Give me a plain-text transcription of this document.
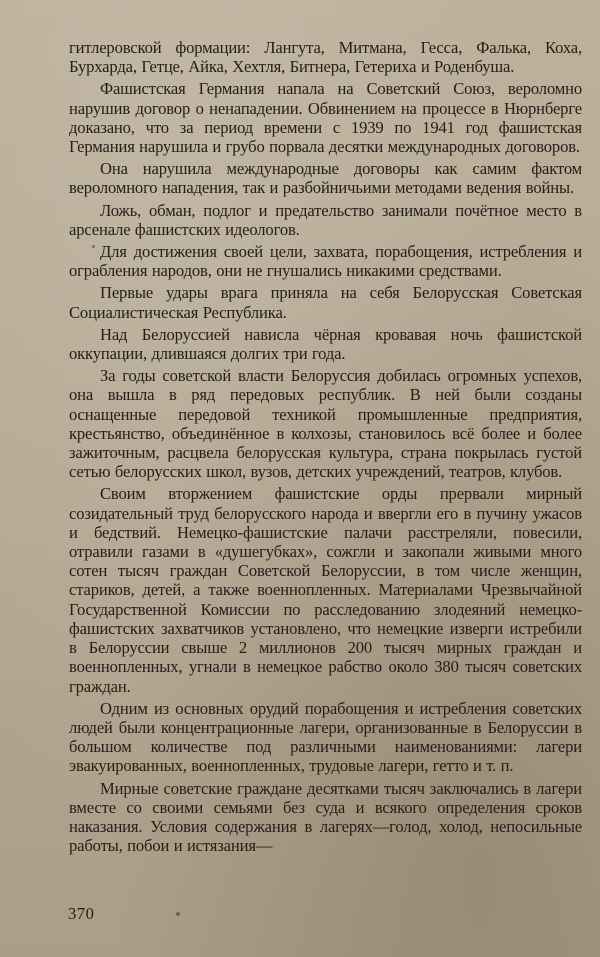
гитлеровской формации: Лангута, Митмана, Гесса, Фалька, Коха, Бурхарда, Гетце, Айка, Хехтля, Битнера, Гетериха и Роденбуша.

Фашистская Германия напала на Советский Союз, вероломно нарушив договор о ненападении. Обвинением на процессе в Нюрнберге доказано, что за период времени с 1939 по 1941 год фашистская Германия нарушила и грубо порвала десятки международных договоров.

Она нарушила международные договоры как самим фактом вероломного нападения, так и разбойничьими методами ведения войны.

Ложь, обман, подлог и предательство занимали почётное место в арсенале фашистских идеологов.

Для достижения своей цели, захвата, порабощения, истребления и ограбления народов, они не гнушались никакими средствами.

Первые удары врага приняла на себя Белорусская Советская Социалистическая Республика.

Над Белоруссией нависла чёрная кровавая ночь фашистской оккупации, длившаяся долгих три года.

За годы советской власти Белоруссия добилась огромных успехов, она вышла в ряд передовых республик. В ней были созданы оснащенные передовой техникой промышленные предприятия, крестьянство, объединённое в колхозы, становилось всё более и более зажиточным, расцвела белорусская культура, страна покрылась густой сетью белорусских школ, вузов, детских учреждений, театров, клубов.

Своим вторжением фашистские орды прервали мирный созидательный труд белорусского народа и ввергли его в пучину ужасов и бедствий. Немецко-фашистские палачи расстреляли, повесили, отравили газами в «душегубках», сожгли и закопали живыми много сотен тысяч граждан Советской Белоруссии, в том числе женщин, стариков, детей, а также военнопленных. Материалами Чрезвычайной Государственной Комиссии по расследованию злодеяний немецко-фашистских захватчиков установлено, что немецкие изверги истребили в Белоруссии свыше 2 миллионов 200 тысяч мирных граждан и военнопленных, угнали в немецкое рабство около 380 тысяч советских граждан.

Одним из основных орудий порабощения и истребления советских людей были концентрационные лагери, организованные в Белоруссии в большом количестве под различными наименованиями: лагери эвакуированных, военнопленных, трудовые лагери, гетто и т. п.

Мирные советские граждане десятками тысяч заключались в лагери вместе со своими семьями без суда и всякого определения сроков наказания. Условия содержания в лагерях—голод, холод, непосильные работы, побои и истязания—

370
